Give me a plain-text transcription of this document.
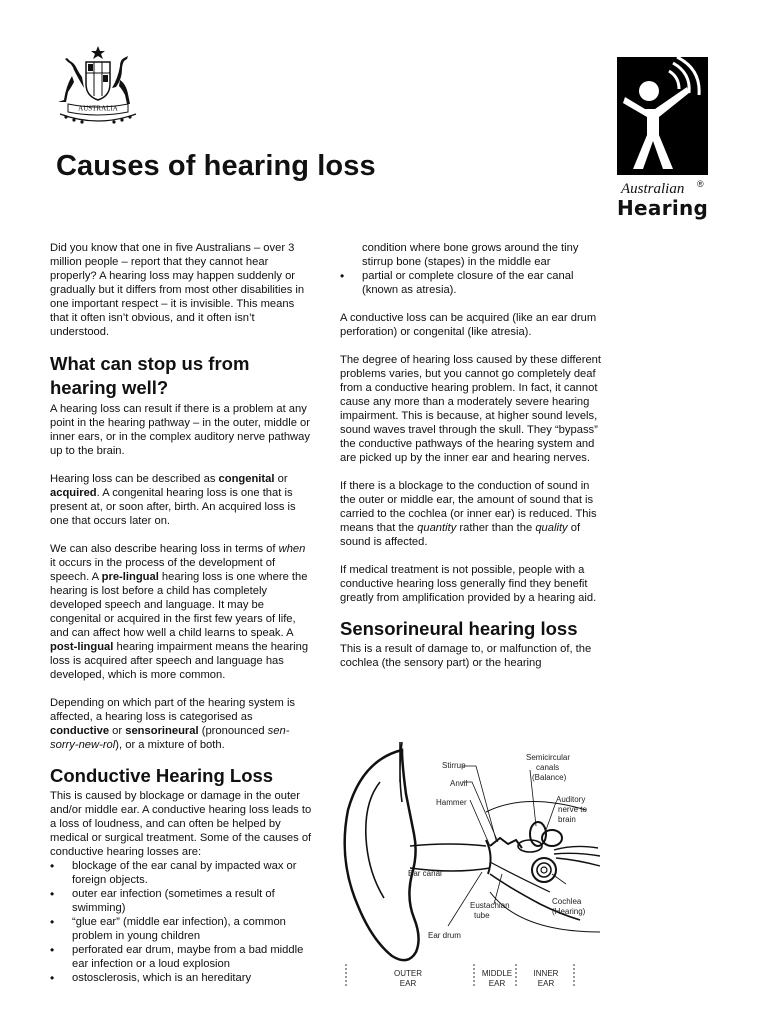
AUSTRALIA
Australian ®
Hearing
Causes of hearing loss

Did you know that one in five Australians – over 3 million people – report that they cannot hear properly? A hearing loss may happen suddenly or gradually but it differs from most other disabilities in one important respect – it is invisible. This means that it often isn’t obvious, and it often isn’t understood.

What can stop us from hearing well?

A hearing loss can result if there is a problem at any point in the hearing pathway – in the outer, middle or inner ears, or in the complex auditory nerve pathway up to the brain.

Hearing loss can be described as congenital or acquired. A congenital hearing loss is one that is present at, or soon after, birth. An acquired loss is one that occurs later on.

We can also describe hearing loss in terms of when it occurs in the process of the development of speech. A pre-lingual hearing loss is one where the hearing is lost before a child has completely developed speech and language. It may be congenital or acquired in the first few years of life, and can affect how well a child learns to speak. A post-lingual hearing impairment means the hearing loss is acquired after speech and language has developed, which is more common.

Depending on which part of the hearing system is affected, a hearing loss is categorised as conductive or sensorineural (pronounced sen-sorry-new-rol), or a mixture of both.

Conductive Hearing Loss

This is caused by blockage or damage in the outer and/or middle ear. A conductive hearing loss leads to a loss of loudness, and can often be helped by medical or surgical treatment. Some of the causes of conductive hearing losses are:

• blockage of the ear canal by impacted wax or foreign objects.
• outer ear infection (sometimes a result of swimming)
• “glue ear” (middle ear infection), a common problem in young children
• perforated ear drum, maybe from a bad middle ear infection or a loud explosion
• ostosclerosis, which is an hereditary

condition where bone grows around the tiny stirrup bone (stapes) in the middle ear

• partial or complete closure of the ear canal (known as atresia).

A conductive loss can be acquired (like an ear drum perforation) or congenital (like atresia).

The degree of hearing loss caused by these different problems varies, but you cannot go completely deaf from a conductive hearing problem. In fact, it cannot cause any more than a moderately severe hearing impairment. This is because, at higher sound levels, sound waves travel through the skull. They “bypass” the conductive pathways of the hearing system and are picked up by the inner ear and hearing nerves.

If there is a blockage to the conduction of sound in the outer or middle ear, the amount of sound that is carried to the cochlea (or inner ear) is reduced. This means that the quantity rather than the quality of sound is affected.

If medical treatment is not possible, people with a conductive hearing loss generally find they benefit greatly from amplification provided by a hearing aid.

Sensorineural hearing loss

This is a result of damage to, or malfunction of, the cochlea (the sensory part) or the hearing

Stirrup
Anvil
Hammer
Semicircular
canals
(Balance)
Auditory
nerve to
brain
Ear canal
Eustachian
tube
Cochlea
(Hearing)
Ear drum
OUTER
EAR
MIDDLE
EAR
INNER
EAR
